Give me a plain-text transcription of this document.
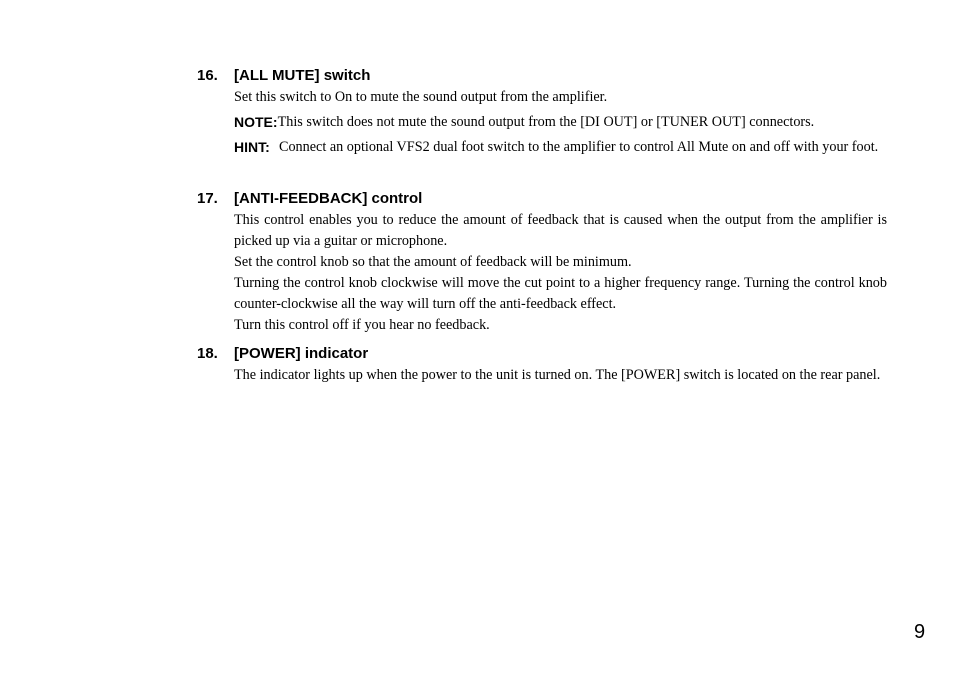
16.	[ALL MUTE] switch

Set this switch to On to mute the sound output from the amplifier.

NOTE: This switch does not mute the sound output from the [DI OUT] or [TUNER OUT] connectors.
HINT: Connect an optional VFS2 dual foot switch to the amplifier to control All Mute on and off with your foot.
17.	[ANTI-FEEDBACK] control

This control enables you to reduce the amount of feedback that is caused when the output from the amplifier is picked up via a guitar or microphone.

Set the control knob so that the amount of feedback will be minimum.

Turning the control knob clockwise will move the cut point to a higher frequency range. Turning the control knob counter-clockwise all the way will turn off the anti-feedback effect.

Turn this control off if you hear no feedback.

18.	[POWER] indicator

The indicator lights up when the power to the unit is turned on. The [POWER] switch is located on the rear panel.

9
